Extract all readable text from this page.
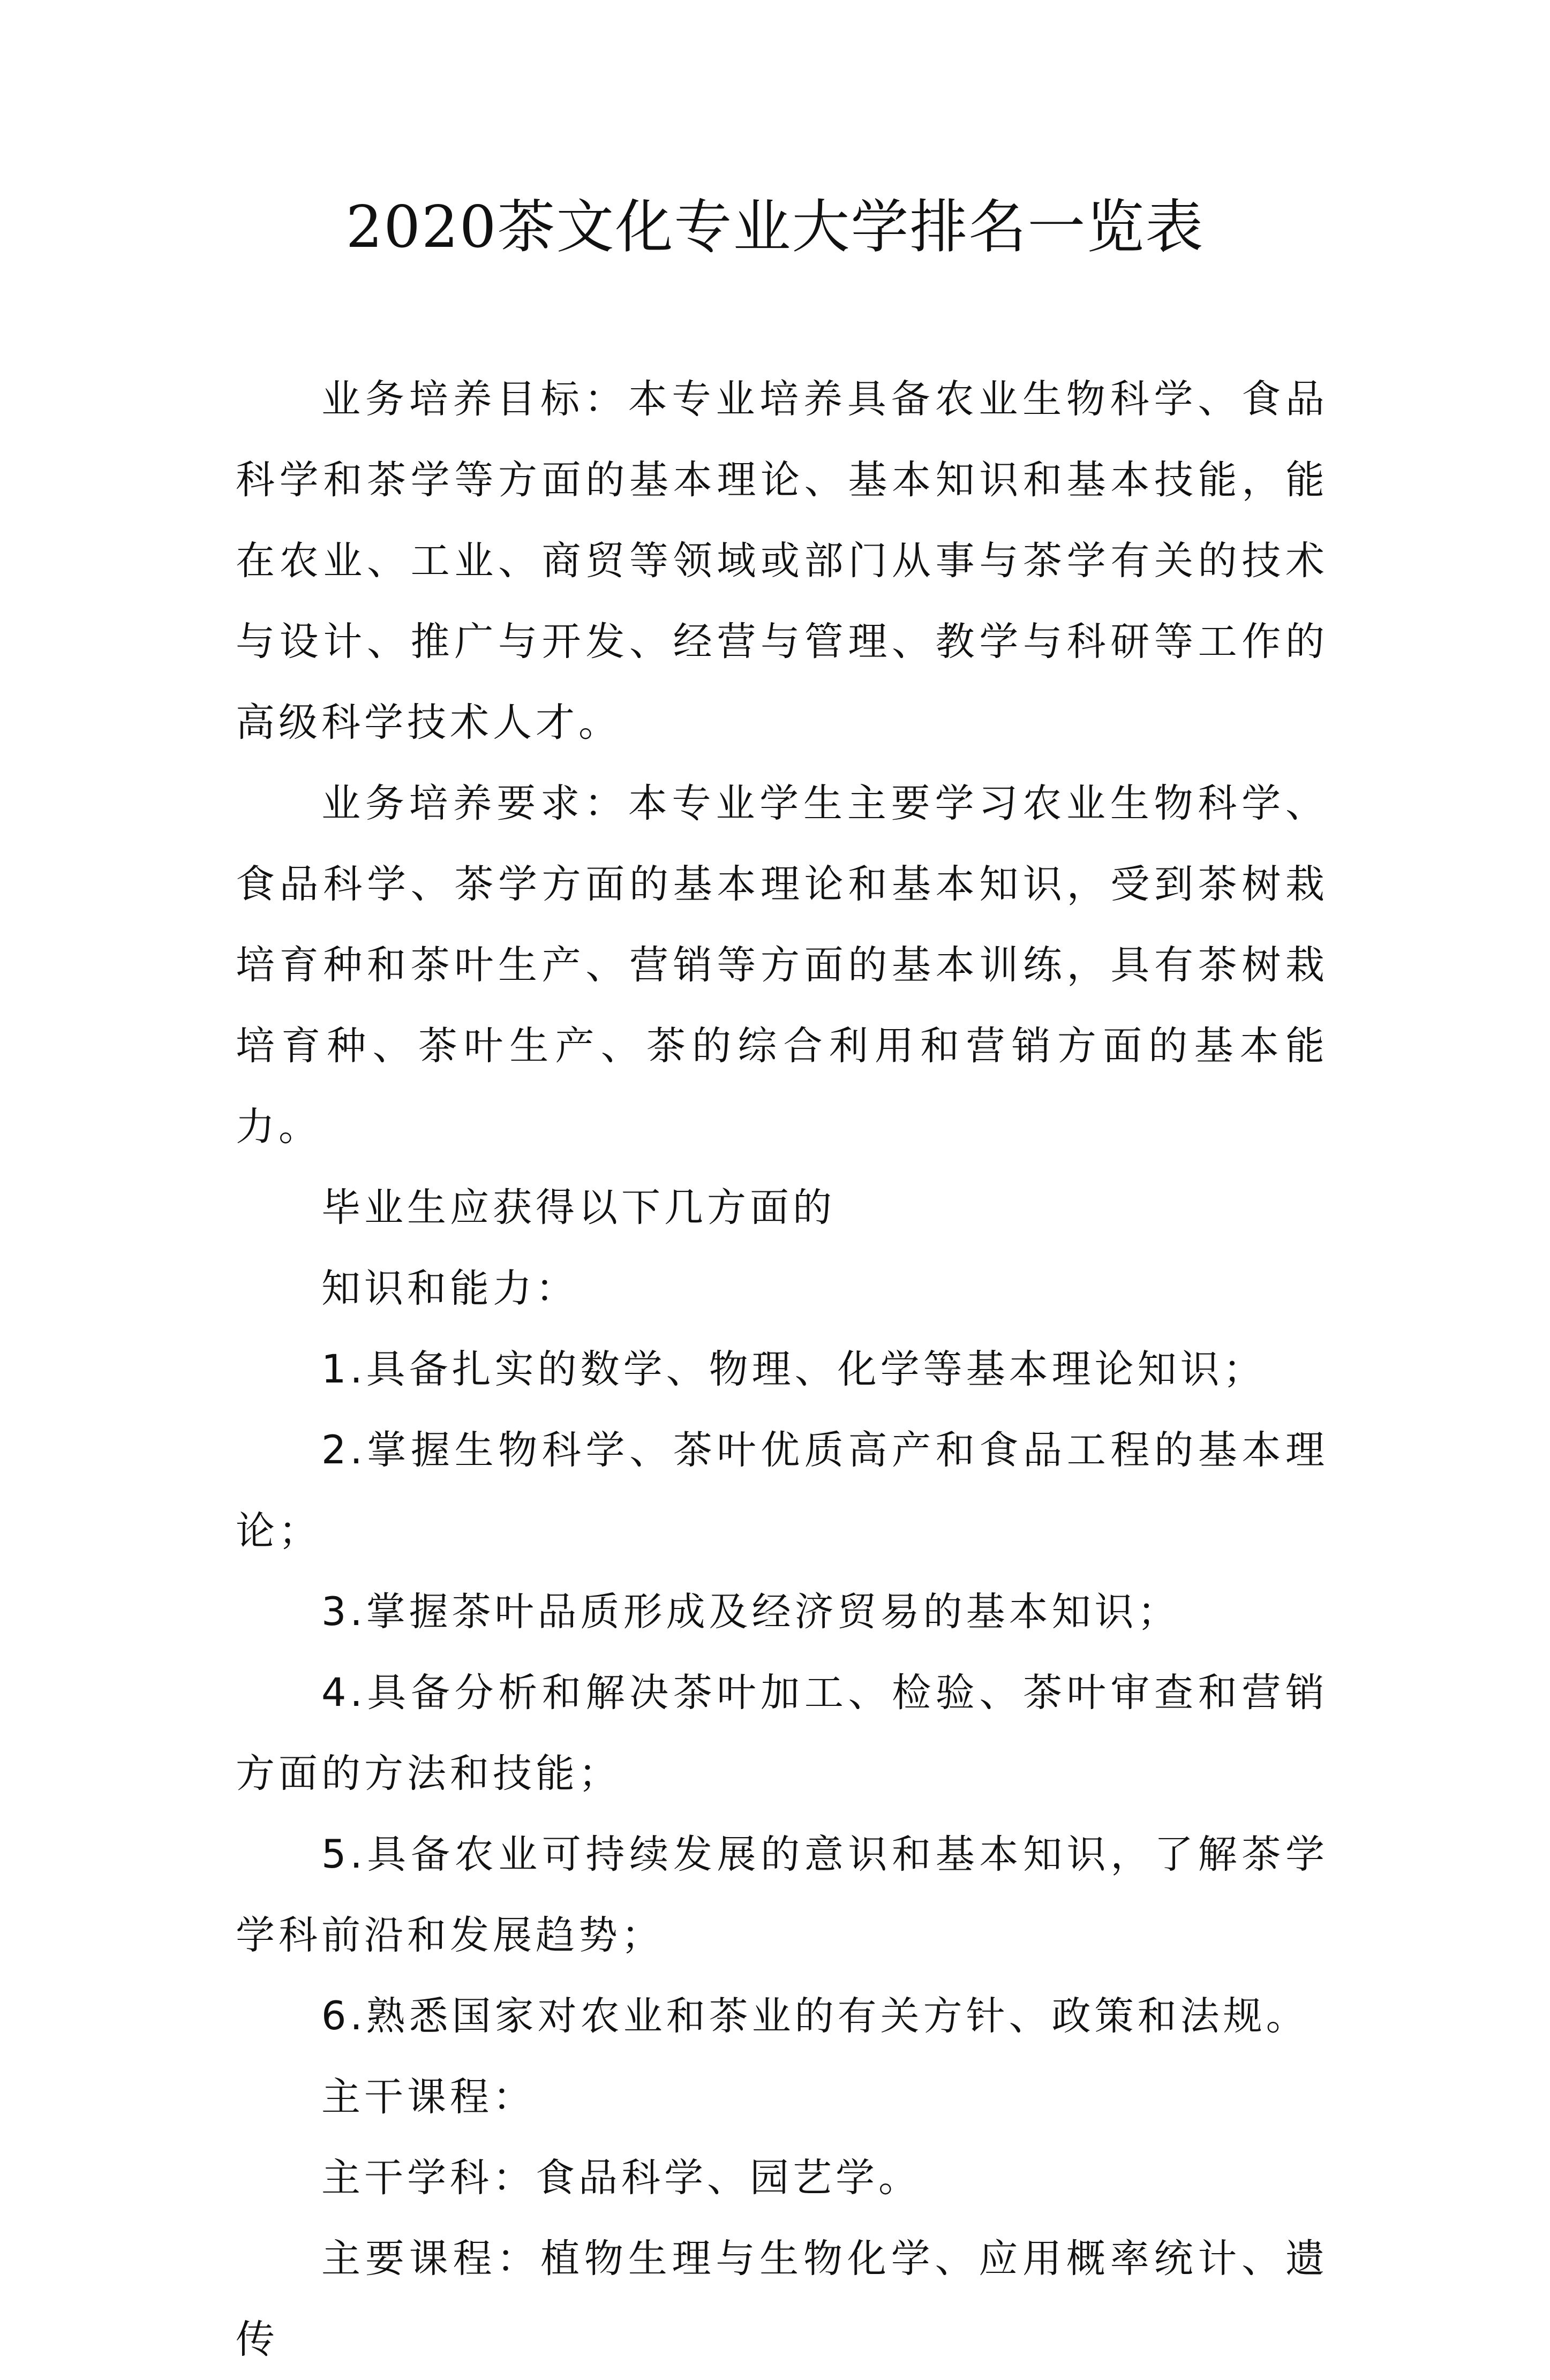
2020茶文化专业大学排名一览表

业务培养目标：本专业培养具备农业生物科学、食品科学和茶学等方面的基本理论、基本知识和基本技能，能在农业、工业、商贸等领域或部门从事与茶学有关的技术与设计、推广与开发、经营与管理、教学与科研等工作的高级科学技术人才。

业务培养要求：本专业学生主要学习农业生物科学、食品科学、茶学方面的基本理论和基本知识，受到茶树栽培育种和茶叶生产、营销等方面的基本训练，具有茶树栽培育种、茶叶生产、茶的综合利用和营销方面的基本能力。

毕业生应获得以下几方面的

知识和能力：

1.具备扎实的数学、物理、化学等基本理论知识；

2.掌握生物科学、茶叶优质高产和食品工程的基本理论；

3.掌握茶叶品质形成及经济贸易的基本知识；

4.具备分析和解决茶叶加工、检验、茶叶审查和营销方面的方法和技能；

5.具备农业可持续发展的意识和基本知识，了解茶学学科前沿和发展趋势；

6.熟悉国家对农业和茶业的有关方针、政策和法规。

主干课程：

主干学科：食品科学、园艺学。

主要课程：植物生理与生物化学、应用概率统计、遗传
